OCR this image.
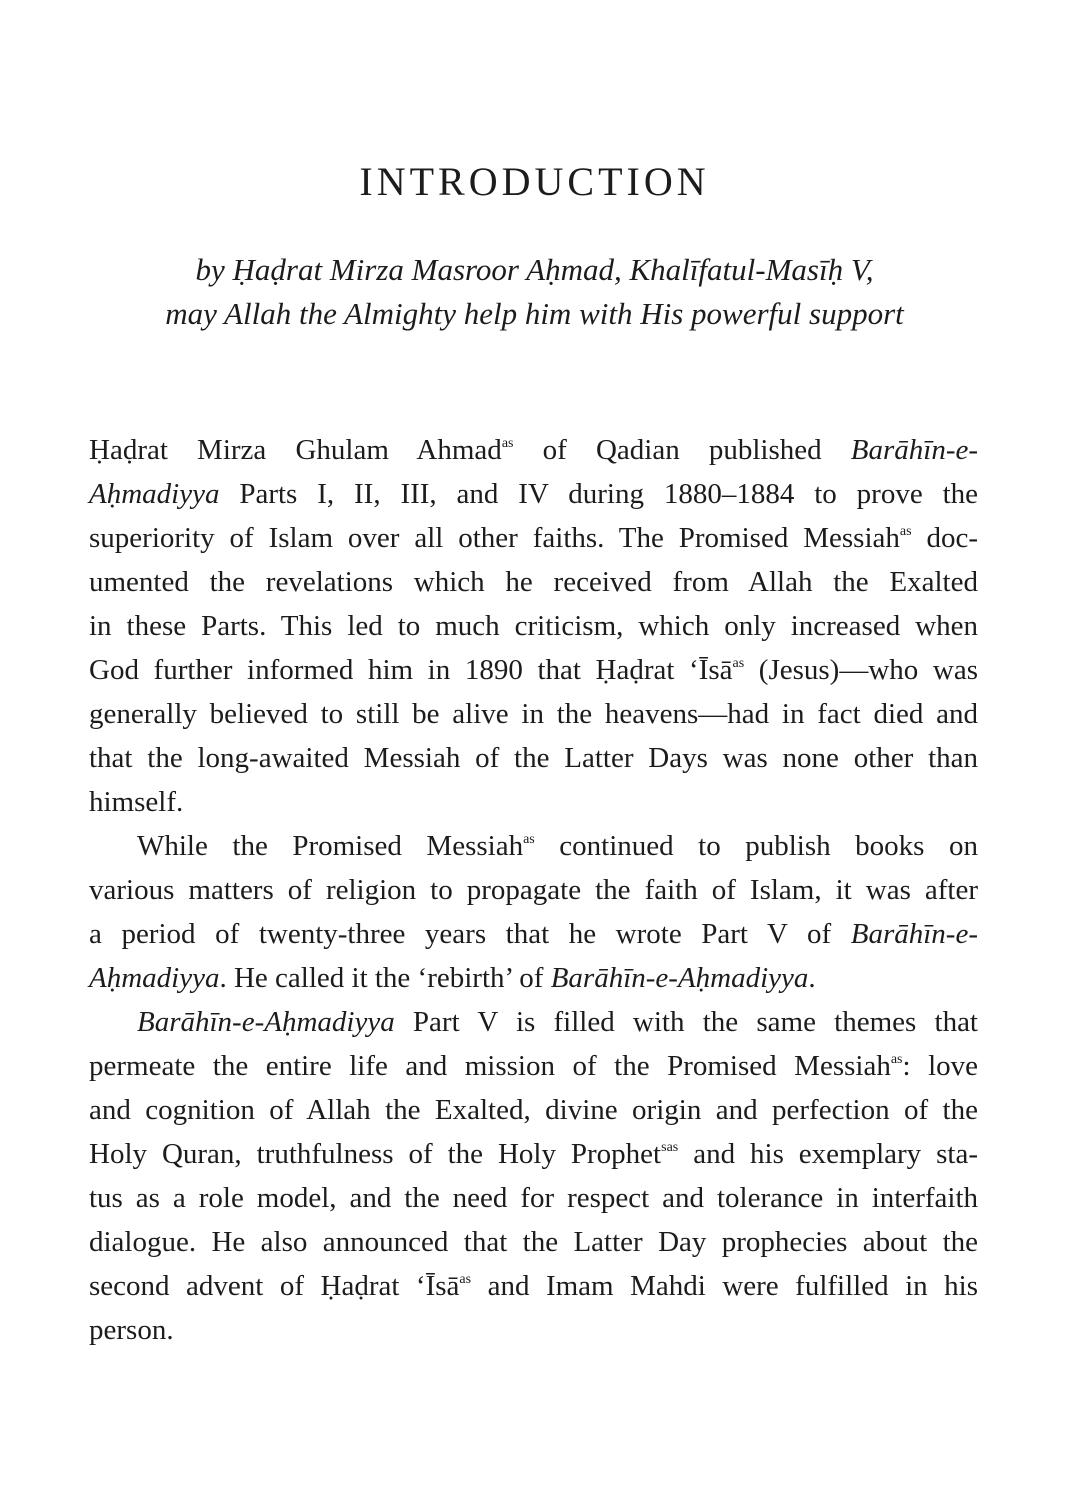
INTRODUCTION
by Ḥaḍrat Mirza Masroor Aḥmad, Khalīfatul-Masīḥ V,
may Allah the Almighty help him with His powerful support
Ḥaḍrat Mirza Ghulam Ahmad$^{as}$ of Qadian published Barāhīn-e-
Aḥmadiyya Parts I, II, III, and IV during 1880–1884 to prove the
superiority of Islam over all other faiths. The Promised Messiah$^{as}$ doc-
umented the revelations which he received from Allah the Exalted
in these Parts. This led to much criticism, which only increased when
God further informed him in 1890 that Ḥaḍrat ‘Īsā$^{as}$ (Jesus)—who was
generally believed to still be alive in the heavens—had in fact died and
that the long-awaited Messiah of the Latter Days was none other than
himself.
While the Promised Messiah$^{as}$ continued to publish books on
various matters of religion to propagate the faith of Islam, it was after
a period of twenty-three years that he wrote Part V of Barāhīn-e-
Aḥmadiyya. He called it the ‘rebirth’ of Barāhīn-e-Aḥmadiyya.
Barāhīn-e-Aḥmadiyya Part V is filled with the same themes that
permeate the entire life and mission of the Promised Messiah$^{as}$: love
and cognition of Allah the Exalted, divine origin and perfection of the
Holy Quran, truthfulness of the Holy Prophet$^{sas}$ and his exemplary sta-
tus as a role model, and the need for respect and tolerance in interfaith
dialogue. He also announced that the Latter Day prophecies about the
second advent of Ḥaḍrat ‘Īsā$^{as}$ and Imam Mahdi were fulfilled in his
person.
